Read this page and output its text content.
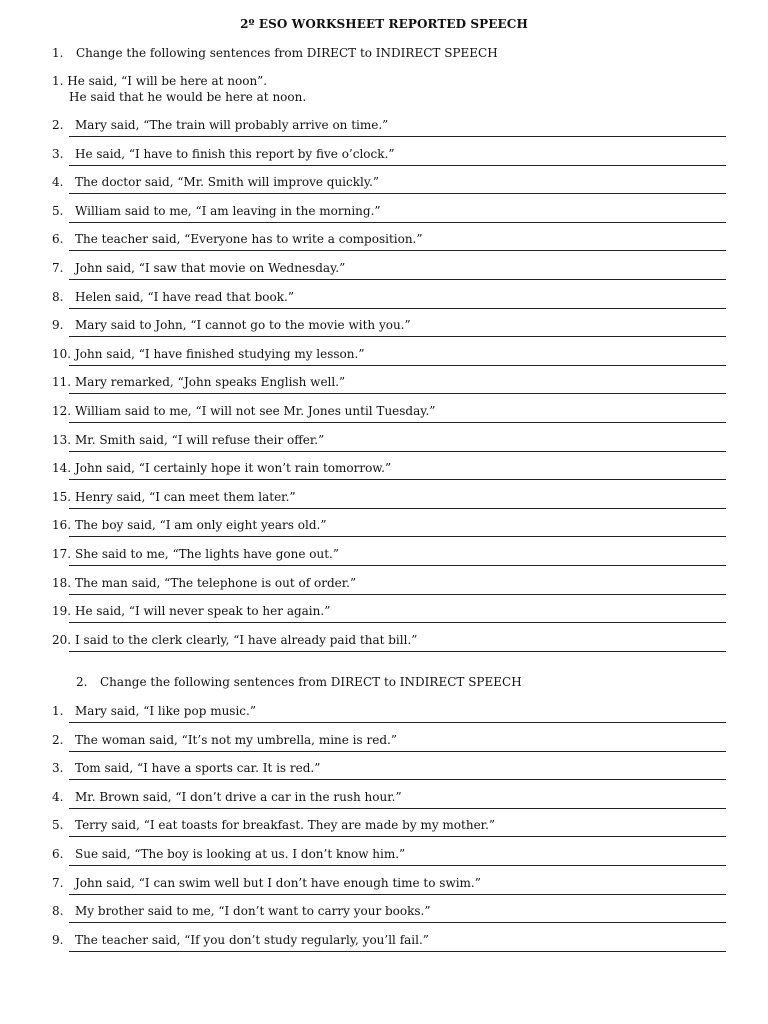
2º ESO WORKSHEET REPORTED SPEECH
1. Change the following sentences from DIRECT to INDIRECT SPEECH
1. He said, “I will be here at noon”.
He said that he would be here at noon.
2. Mary said, “The train will probably arrive on time.”
3. He said, “I have to finish this report by five o’clock.”
4. The doctor said, “Mr. Smith will improve quickly.”
5. William said to me, “I am leaving in the morning.”
6. The teacher said, “Everyone has to write a composition.”
7. John said, “I saw that movie on Wednesday.”
8. Helen said, “I have read that book.”
9. Mary said to John, “I cannot go to the movie with you.”
10. John said, “I have finished studying my lesson.”
11. Mary remarked, “John speaks English well.”
12. William said to me, “I will not see Mr. Jones until Tuesday.”
13. Mr. Smith said, “I will refuse their offer.”
14. John said, “I certainly hope it won’t rain tomorrow.”
15. Henry said, “I can meet them later.”
16. The boy said, “I am only eight years old.”
17. She said to me, “The lights have gone out.”
18. The man said, “The telephone is out of order.”
19. He said, “I will never speak to her again.”
20. I said to the clerk clearly, “I have already paid that bill.”
2. Change the following sentences from DIRECT to INDIRECT SPEECH
1. Mary said, “I like pop music.”
2. The woman said, “It’s not my umbrella, mine is red.”
3. Tom said, “I have a sports car. It is red.”
4. Mr. Brown said, “I don’t drive a car in the rush hour.”
5. Terry said, “I eat toasts for breakfast. They are made by my mother.”
6. Sue said, “The boy is looking at us. I don’t know him.”
7. John said, “I can swim well but I don’t have enough time to swim.”
8. My brother said to me, “I don’t want to carry your books.”
9. The teacher said, “If you don’t study regularly, you’ll fail.”
